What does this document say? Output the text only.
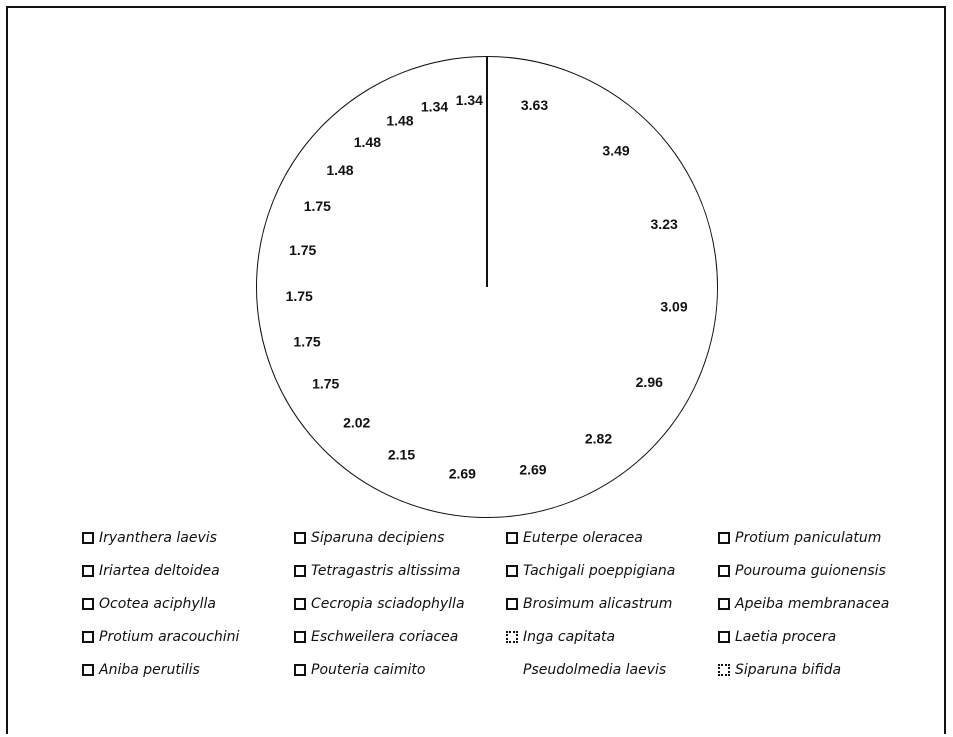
3.63
3.49
3.23
3.09
2.96
2.82
2.69
2.69
2.15
2.02
1.75
1.75
1.75
1.75
1.75
1.48
1.48
1.48
1.34 1.34
Iryanthera laevis	Siparuna decipiens	Euterpe oleracea	Protium paniculatum
Iriartea deltoidea	Tetragastris altissima	Tachigali poeppigiana	Pourouma guionensis
Ocotea aciphylla	Cecropia sciadophylla	Brosimum alicastrum	Apeiba membranacea
Protium aracouchini	Eschweilera coriacea	Inga capitata	Laetia procera
Aniba perutilis	Pouteria caimito	Pseudolmedia laevis	Siparuna bifida
